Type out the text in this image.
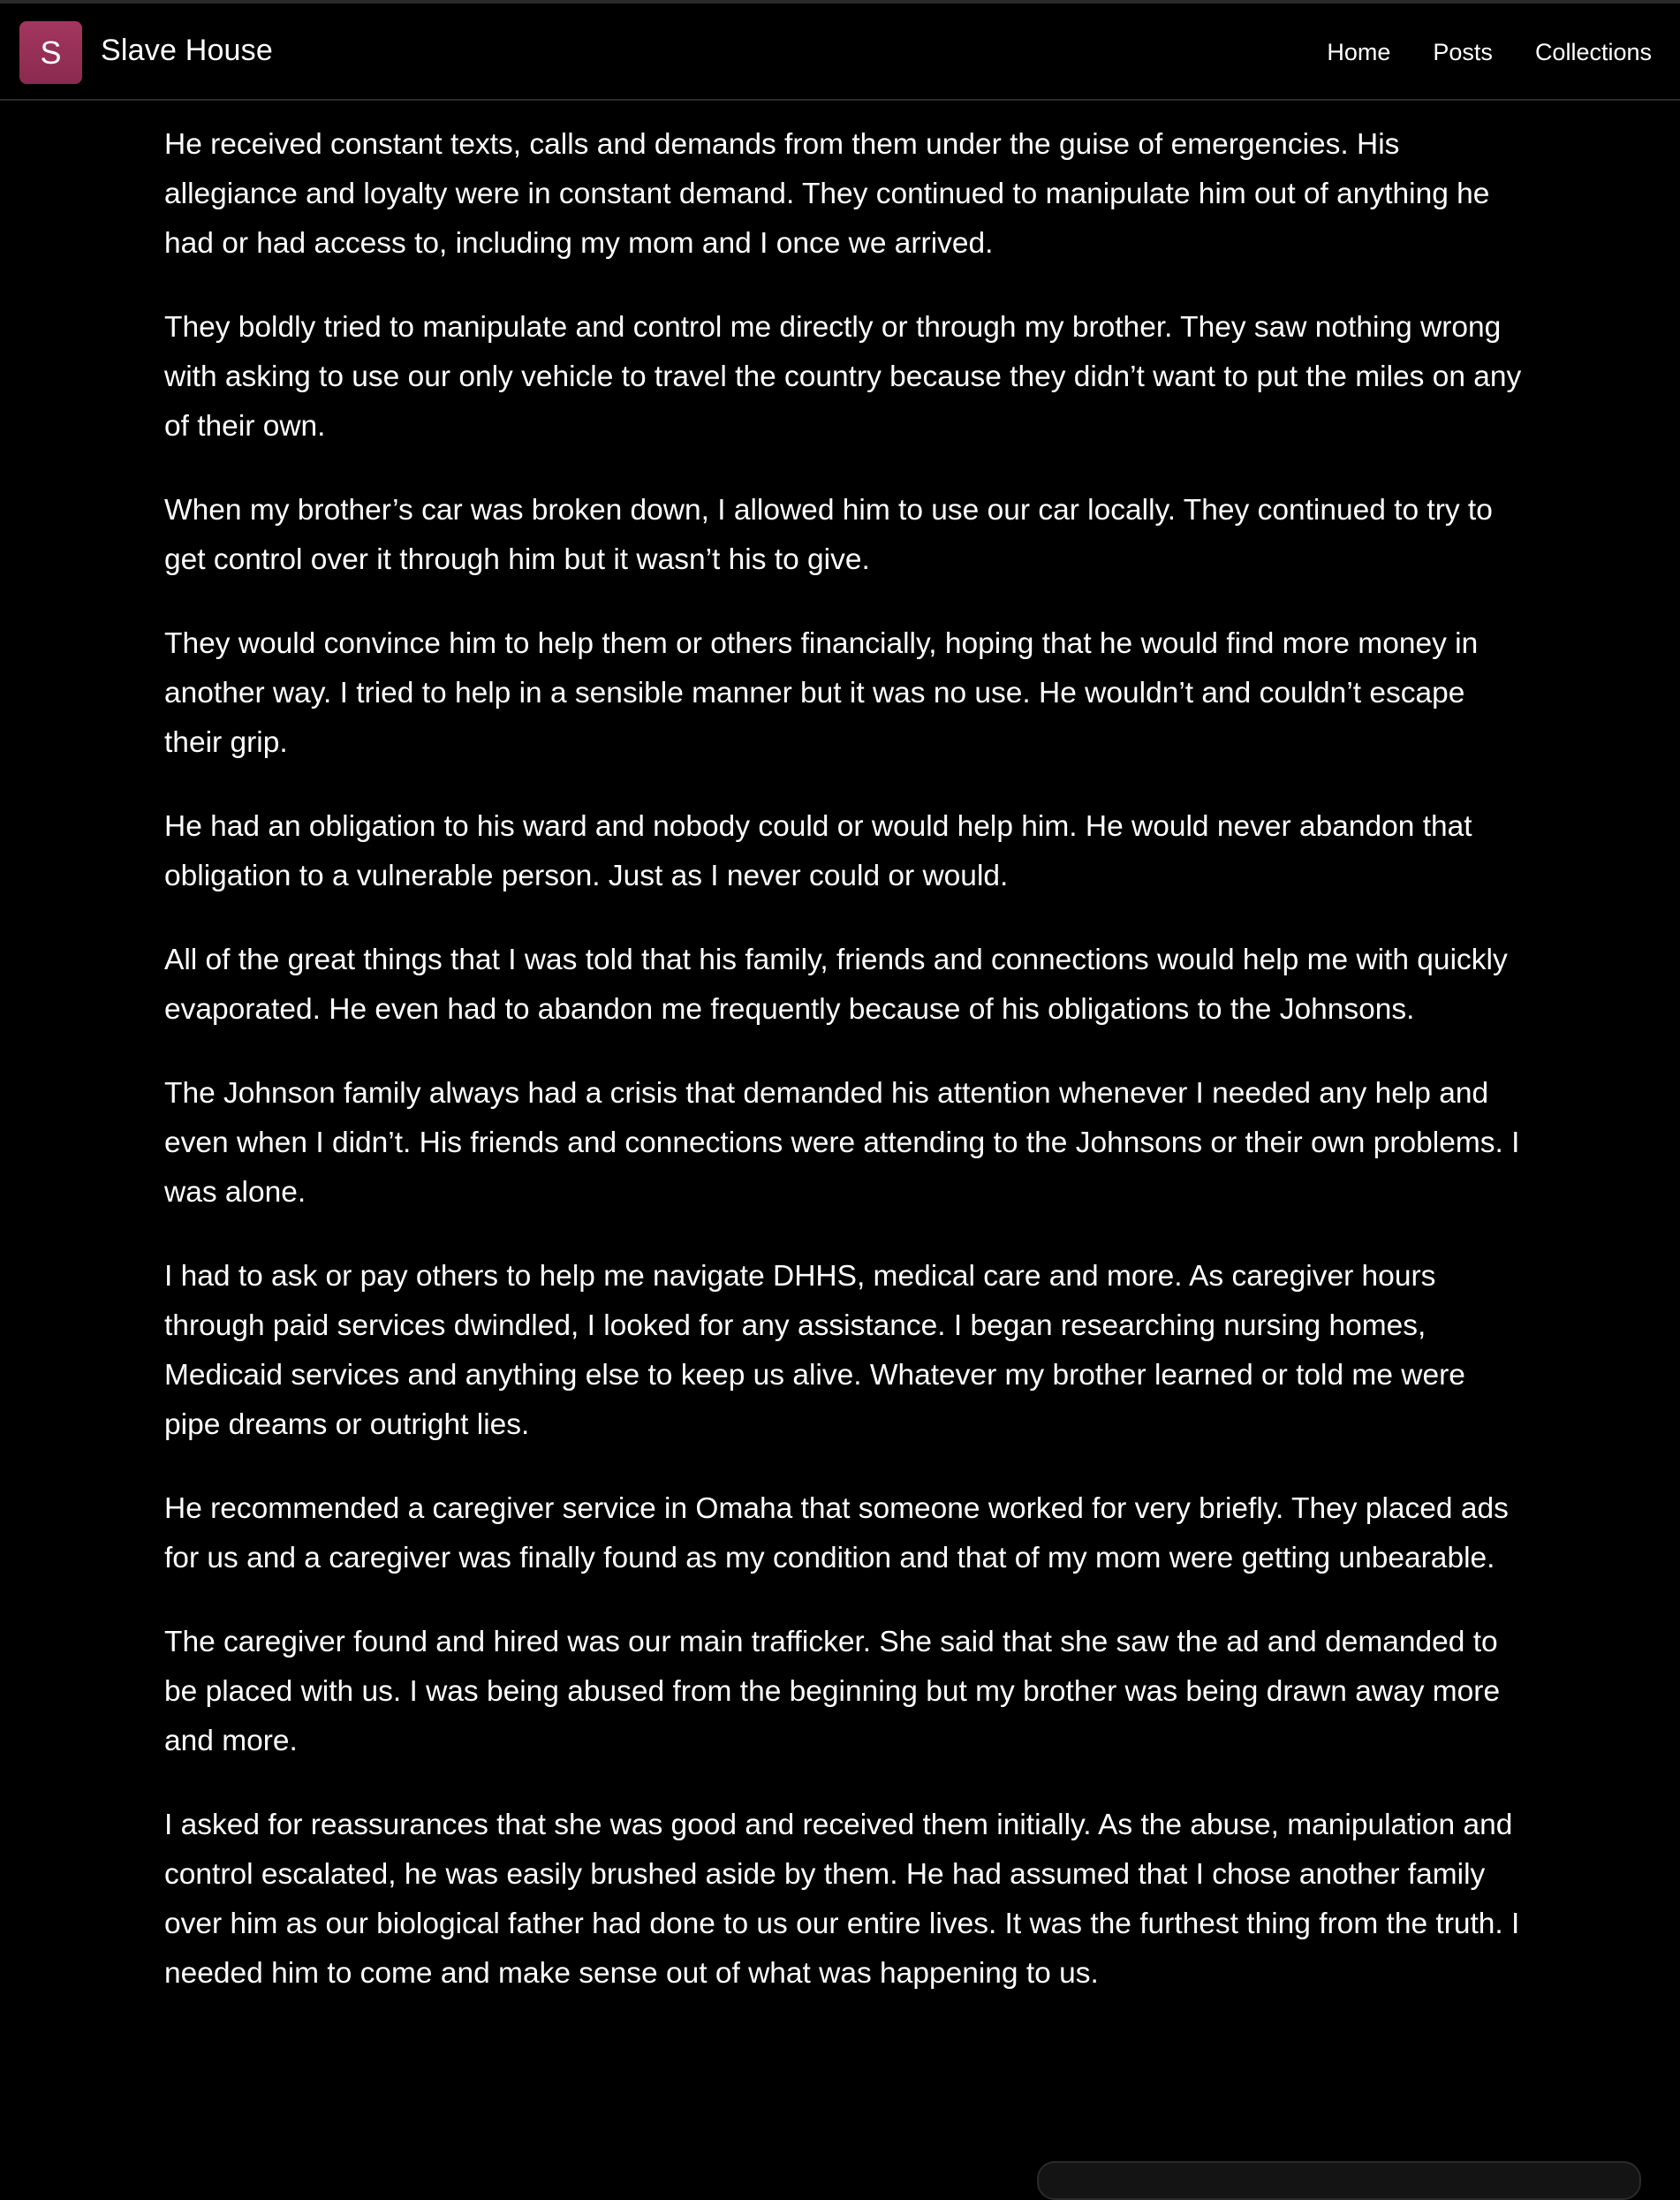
S	Slave House	Home Posts Collections

He received constant texts, calls and demands from them under the guise of emergencies. His allegiance and loyalty were in constant demand. They continued to manipulate him out of anything he had or had access to, including my mom and I once we arrived.

They boldly tried to manipulate and control me directly or through my brother. They saw nothing wrong with asking to use our only vehicle to travel the country because they didn’t want to put the miles on any of their own.

When my brother’s car was broken down, I allowed him to use our car locally. They continued to try to get control over it through him but it wasn’t his to give.

They would convince him to help them or others financially, hoping that he would find more money in another way. I tried to help in a sensible manner but it was no use. He wouldn’t and couldn’t escape their grip.

He had an obligation to his ward and nobody could or would help him. He would never abandon that obligation to a vulnerable person. Just as I never could or would.

All of the great things that I was told that his family, friends and connections would help me with quickly evaporated. He even had to abandon me frequently because of his obligations to the Johnsons.

The Johnson family always had a crisis that demanded his attention whenever I needed any help and even when I didn’t. His friends and connections were attending to the Johnsons or their own problems. I was alone.

I had to ask or pay others to help me navigate DHHS, medical care and more. As caregiver hours through paid services dwindled, I looked for any assistance. I began researching nursing homes, Medicaid services and anything else to keep us alive. Whatever my brother learned or told me were pipe dreams or outright lies.

He recommended a caregiver service in Omaha that someone worked for very briefly. They placed ads for us and a caregiver was finally found as my condition and that of my mom were getting unbearable.

The caregiver found and hired was our main trafficker. She said that she saw the ad and demanded to be placed with us. I was being abused from the beginning but my brother was being drawn away more and more.

I asked for reassurances that she was good and received them initially. As the abuse, manipulation and control escalated, he was easily brushed aside by them. He had assumed that I chose another family over him as our biological father had done to us our entire lives. It was the furthest thing from the truth. I needed him to come and make sense out of what was happening to us.
